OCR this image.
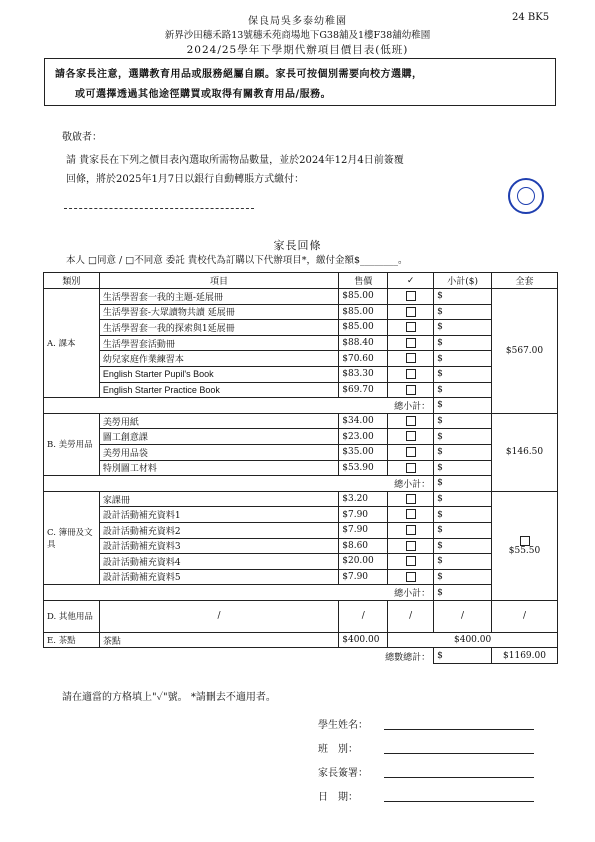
保良局吳多泰幼稚園	24 BK5
新界沙田穗禾路13號穗禾苑商場地下G38舖及1樓F38舖幼稚園
2024/25學年下學期代辦項目價目表(低班)
請各家長注意，選購教育用品或服務絕屬自願。家長可按個別需要向校方選購，
或可選擇透過其他途徑購買或取得有關教育用品/服務。
敬啟者：
請 貴家長在下列之價目表內選取所需物品數量，並於2024年12月4日前簽覆
回條，將於2025年1月7日以銀行自動轉賬方式繳付：
家長回條
本人 □同意 / □不同意 委託 貴校代為訂購以下代辦項目*，繳付金額$________。
類別	項目	售價	✓	小計($)	全套
A. 課本	生活學習套一我的主題-延展冊	$85.00		$	$567.00
	生活學習套-大眾讀物共讀 延展冊	$85.00		$	
	生活學習套一我的探索與1延展冊	$85.00		$	
	生活學習套活動冊	$88.40		$	
	幼兒家庭作業練習本	$70.60		$	
	English Starter Pupil's Book	$83.30		$	
	English Starter Practice Book	$69.70		$	
總小計：				$	
B. 美勞用品	美勞用紙	$34.00		$	$146.50
	圖工創意課	$23.00		$	
	美勞用品袋	$35.00		$	
	特別圖工材料	$53.90		$	
總小計：				$	
C. 簿冊及文具	家課冊	$3.20		$	$55.50
	設計活動補充資料1	$7.90		$	
	設計活動補充資料2	$7.90		$	
	設計活動補充資料3	$8.60		$	
	設計活動補充資料4	$20.00		$	
	設計活動補充資料5	$7.90		$	
總小計：				$	
D. 其他用品	/	/	/	/	/
E. 茶點	茶點	$400.00	$400.00		
總數總計：				$	$1169.00
請在適當的方格填上"✓"號。 *請刪去不適用者。
學生姓名：
班　別：
家長簽署：
日　期：
